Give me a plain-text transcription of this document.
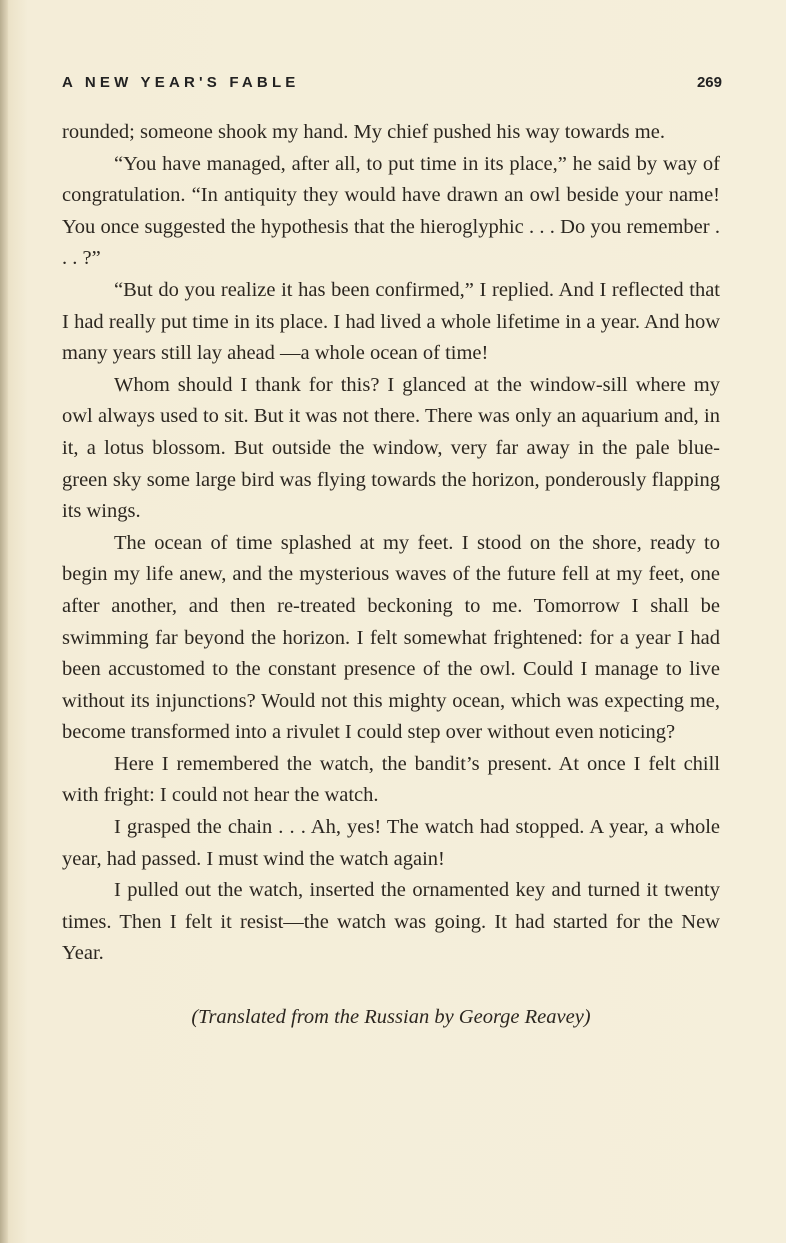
A NEW YEAR'S FABLE	269

rounded; someone shook my hand. My chief pushed his way towards me.

“You have managed, after all, to put time in its place,” he said by way of congratulation. “In antiquity they would have drawn an owl beside your name! You once suggested the hypothesis that the hieroglyphic . . . Do you remember . . . ?”

“But do you realize it has been confirmed,” I replied. And I reflected that I had really put time in its place. I had lived a whole lifetime in a year. And how many years still lay ahead —a whole ocean of time!

Whom should I thank for this? I glanced at the window-sill where my owl always used to sit. But it was not there. There was only an aquarium and, in it, a lotus blossom. But outside the window, very far away in the pale blue-green sky some large bird was flying towards the horizon, ponderously flapping its wings.

The ocean of time splashed at my feet. I stood on the shore, ready to begin my life anew, and the mysterious waves of the future fell at my feet, one after another, and then re-treated beckoning to me. Tomorrow I shall be swimming far beyond the horizon. I felt somewhat frightened: for a year I had been accustomed to the constant presence of the owl. Could I manage to live without its injunctions? Would not this mighty ocean, which was expecting me, become transformed into a rivulet I could step over without even noticing?

Here I remembered the watch, the bandit’s present. At once I felt chill with fright: I could not hear the watch.

I grasped the chain . . . Ah, yes! The watch had stopped. A year, a whole year, had passed. I must wind the watch again!

I pulled out the watch, inserted the ornamented key and turned it twenty times. Then I felt it resist—the watch was going. It had started for the New Year.

(Translated from the Russian by George Reavey)
